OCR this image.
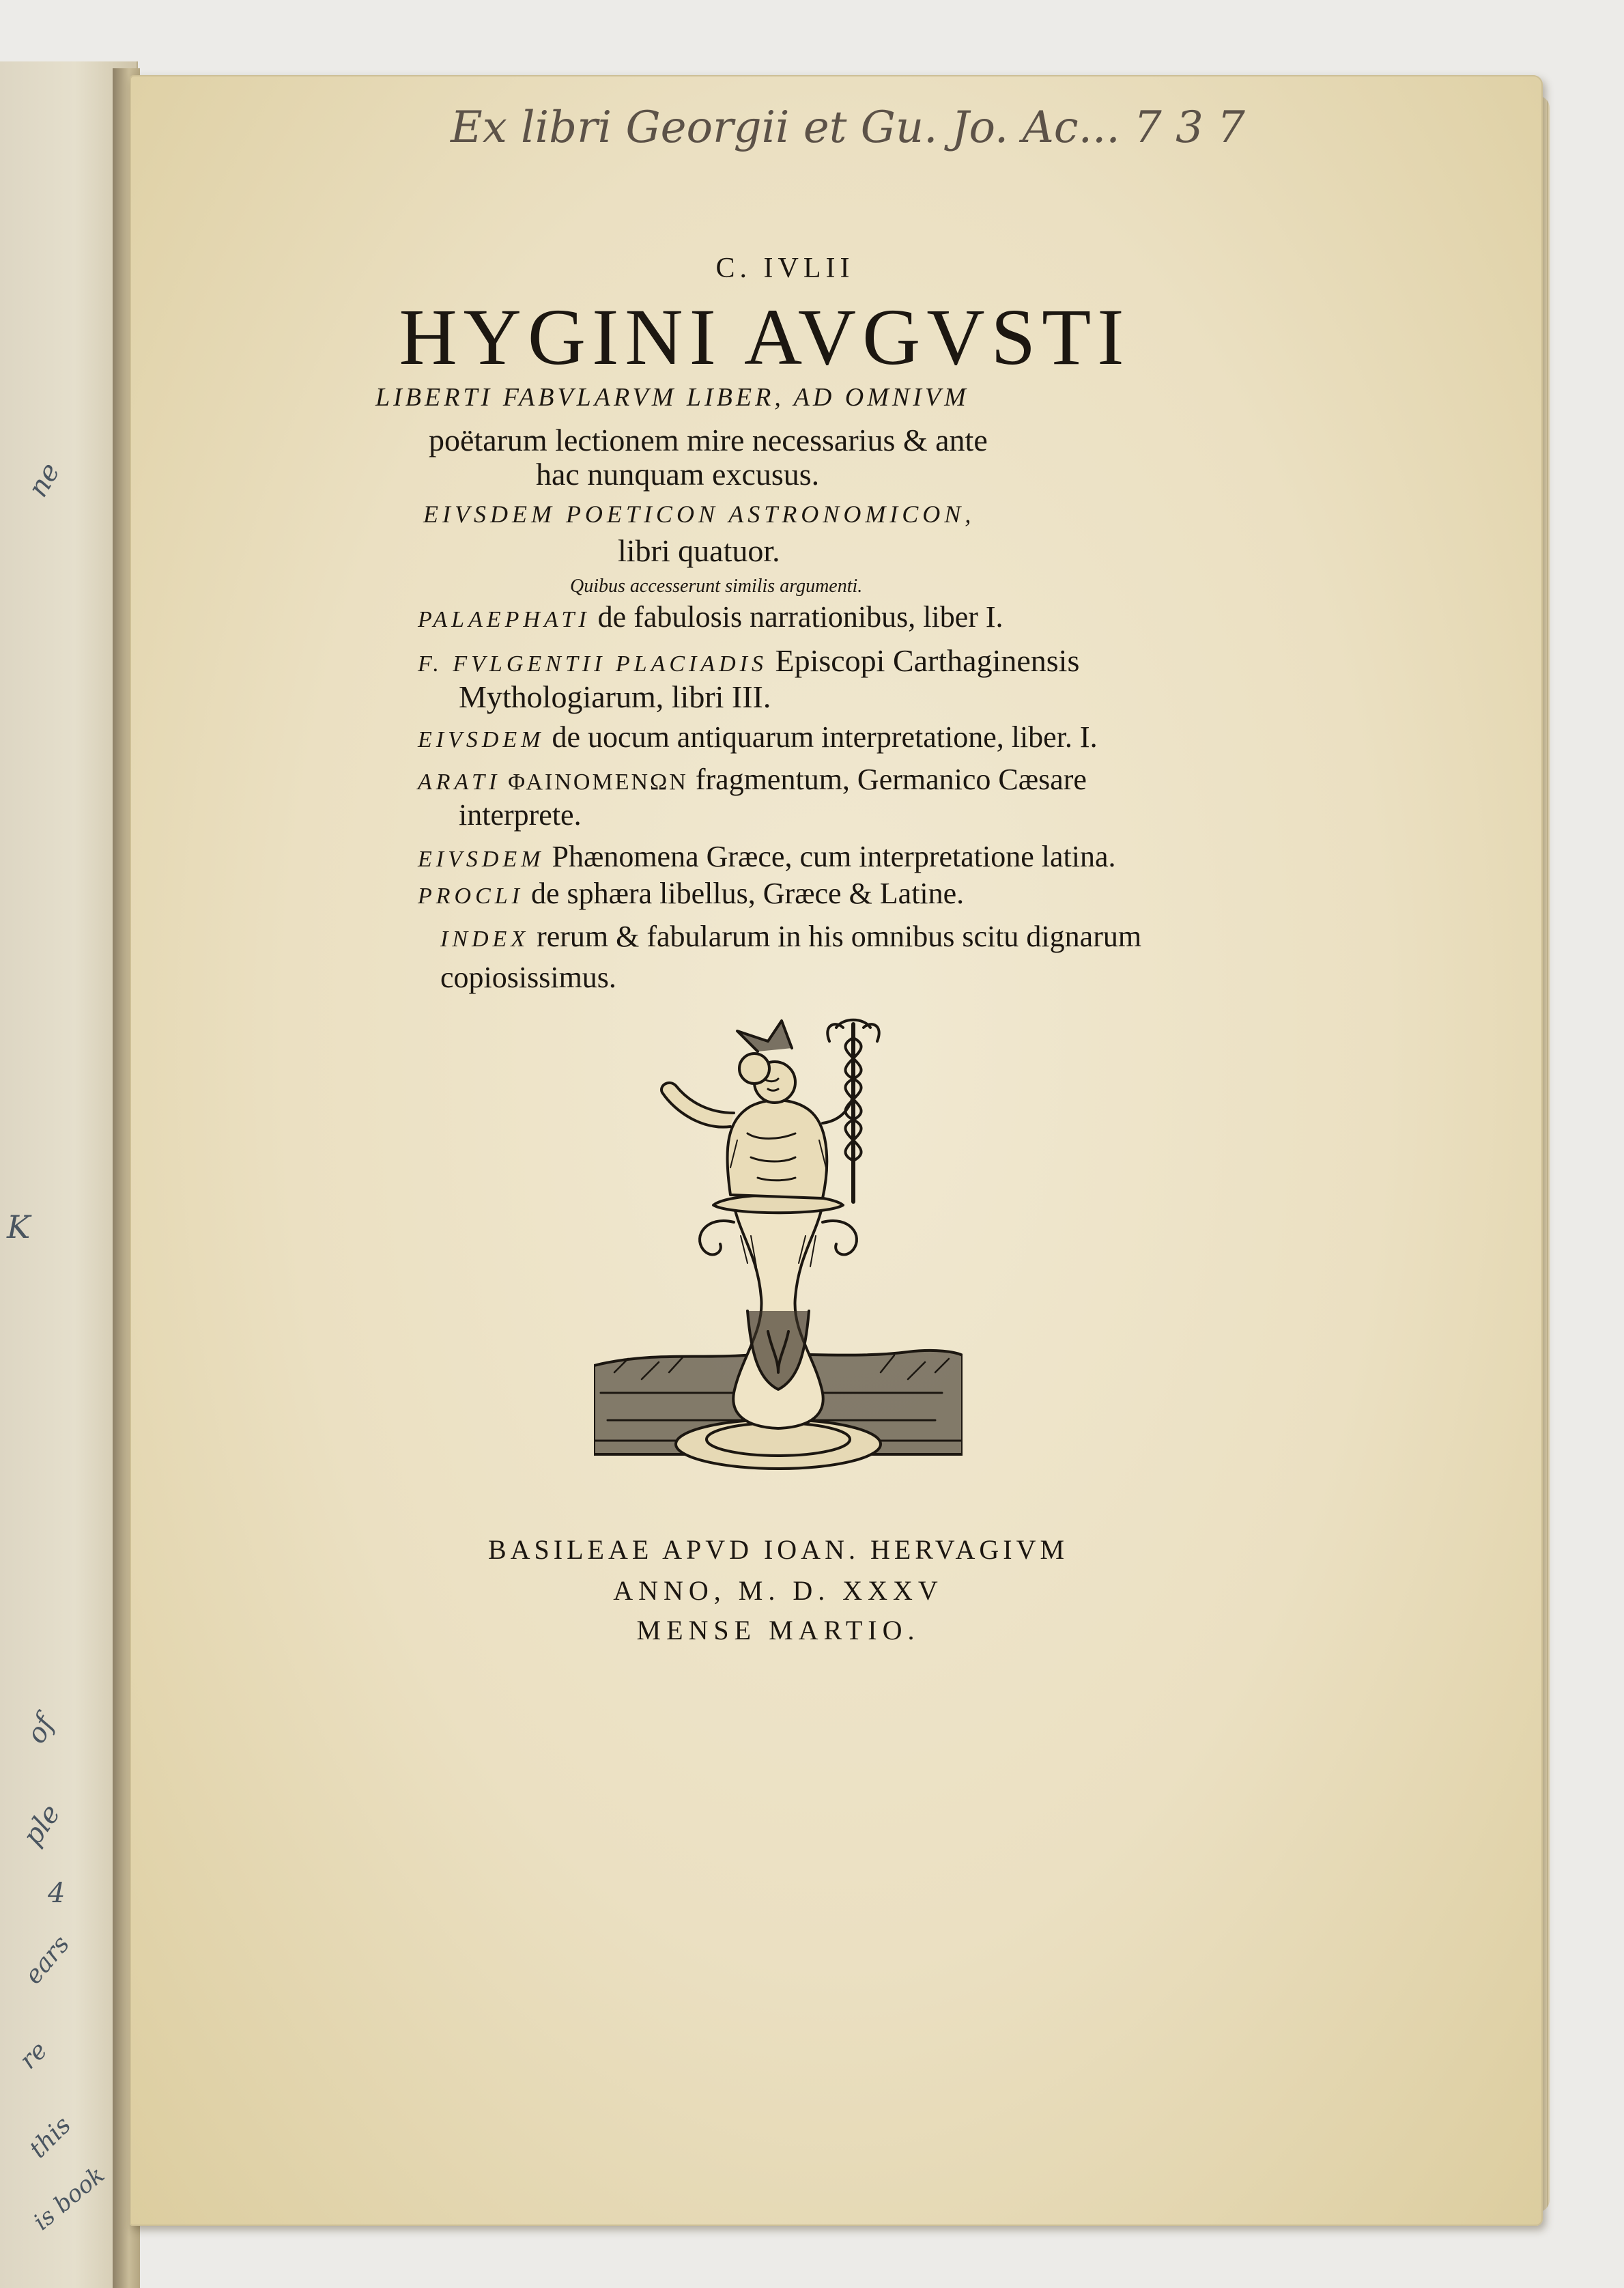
ne
K
of
ple
4
ears
re
this
is book
Ex libri Georgii et Gu. Jo. Ac... 7 3 7
C. IVLII
HYGINI AVGVSTI
LIBERTI FABVLARVM LIBER, AD OMNIVM
poëtarum lectionem mire necessarius & ante
hac nunquam excusus.
EIVSDEM POETICON ASTRONOMICON,
libri quatuor.
Quibus accesserunt similis argumenti.
PALAEPHATI de fabulosis narrationibus, liber I.
F. FVLGENTII PLACIADIS Episcopi Carthaginensis
Mythologiarum, libri III.
EIVSDEM de uocum antiquarum interpretatione, liber. I.
ARATI ΦΑΙΝΟΜΕΝΩΝ fragmentum, Germanico Cæsare
interprete.
EIVSDEM Phænomena Græce, cum interpretatione latina.
PROCLI de sphæra libellus, Græce & Latine.
INDEX rerum & fabularum in his omnibus scitu dignarum
copiosissimus.
BASILEAE APVD IOAN. HERVAGIVM
ANNO, M. D. XXXV
MENSE MARTIO.
